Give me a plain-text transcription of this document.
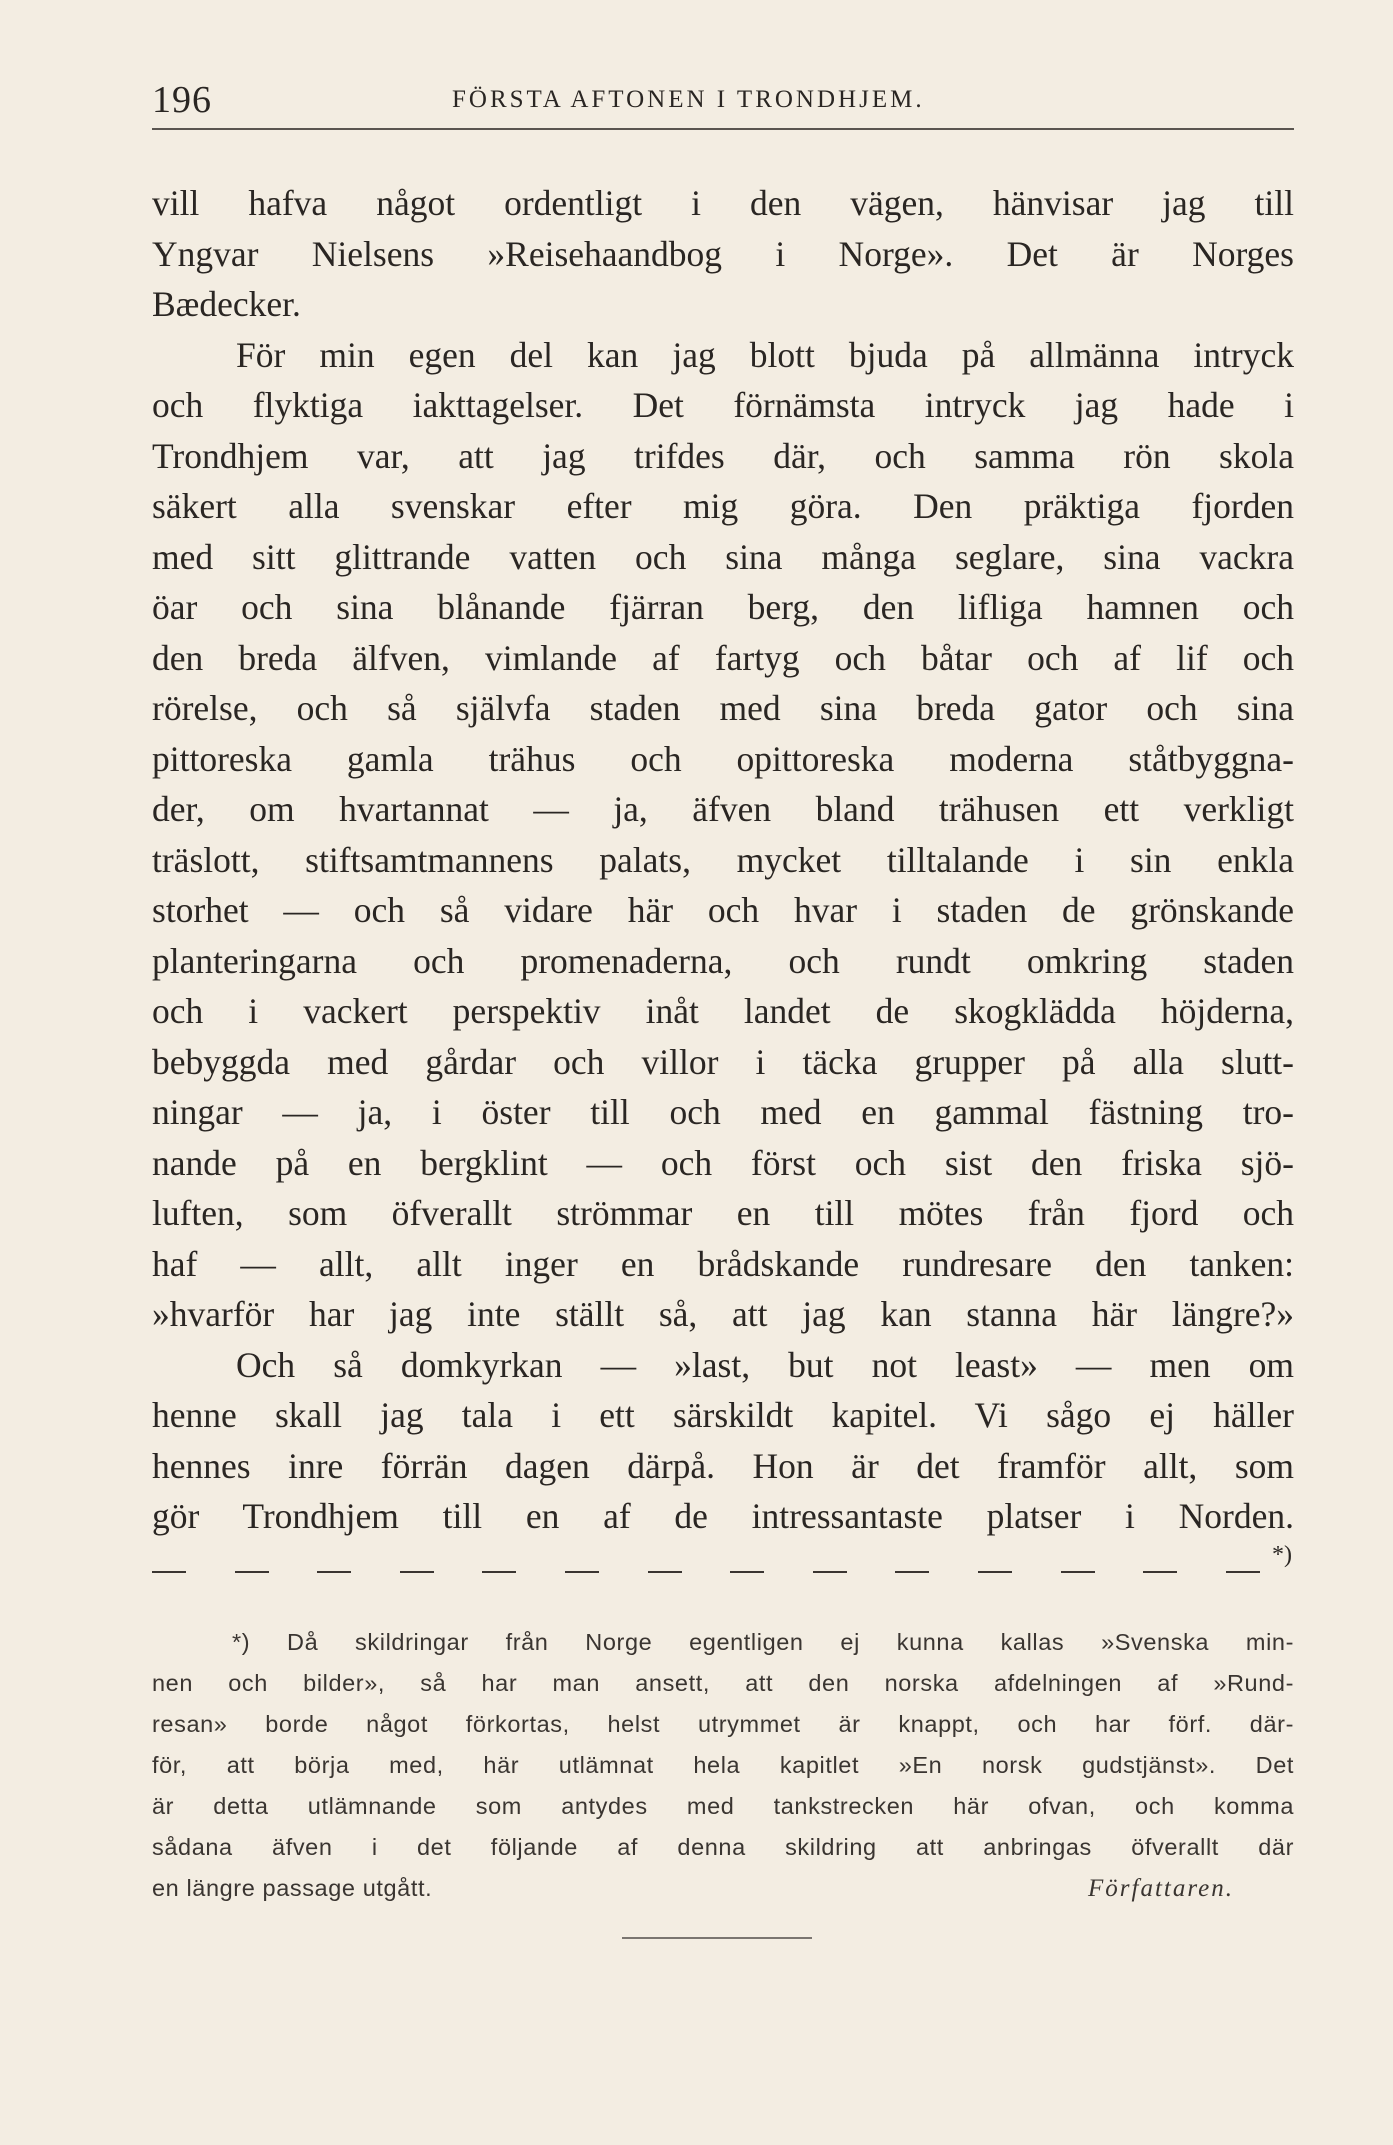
196	FÖRSTA AFTONEN I TRONDHJEM.
vill hafva något ordentligt i den vägen, hänvisar jag till
Yngvar Nielsens »Reisehaandbog i Norge». Det är Norges
Bædecker.
För min egen del kan jag blott bjuda på allmänna intryck
och flyktiga iakttagelser. Det förnämsta intryck jag hade i
Trondhjem var, att jag trifdes där, och samma rön skola
säkert alla svenskar efter mig göra. Den präktiga fjorden
med sitt glittrande vatten och sina många seglare, sina vackra
öar och sina blånande fjärran berg, den lifliga hamnen och
den breda älfven, vimlande af fartyg och båtar och af lif och
rörelse, och så självfa staden med sina breda gator och sina
pittoreska gamla trähus och opittoreska moderna ståtbyggna-
der, om hvartannat — ja, äfven bland trähusen ett verkligt
träslott, stiftsamtmannens palats, mycket tilltalande i sin enkla
storhet — och så vidare här och hvar i staden de grönskande
planteringarna och promenaderna, och rundt omkring staden
och i vackert perspektiv inåt landet de skogklädda höjderna,
bebyggda med gårdar och villor i täcka grupper på alla slutt-
ningar — ja, i öster till och med en gammal fästning tro-
nande på en bergklint — och först och sist den friska sjö-
luften, som öfverallt strömmar en till mötes från fjord och
haf — allt, allt inger en brådskande rundresare den tanken:
»hvarför har jag inte ställt så, att jag kan stanna här längre?»
Och så domkyrkan — »last, but not least» — men om
henne skall jag tala i ett särskildt kapitel. Vi sågo ej häller
hennes inre förrän dagen därpå. Hon är det framför allt, som
gör Trondhjem till en af de intressantaste platser i Norden.
*)
*) Då skildringar från Norge egentligen ej kunna kallas »Svenska min-
nen och bilder», så har man ansett, att den norska afdelningen af »Rund-
resan» borde något förkortas, helst utrymmet är knappt, och har förf. där-
för, att börja med, här utlämnat hela kapitlet »En norsk gudstjänst». Det
är detta utlämnande som antydes med tankstrecken här ofvan, och komma
sådana äfven i det följande af denna skildring att anbringas öfverallt där
en längre passage utgått.	Författaren.
